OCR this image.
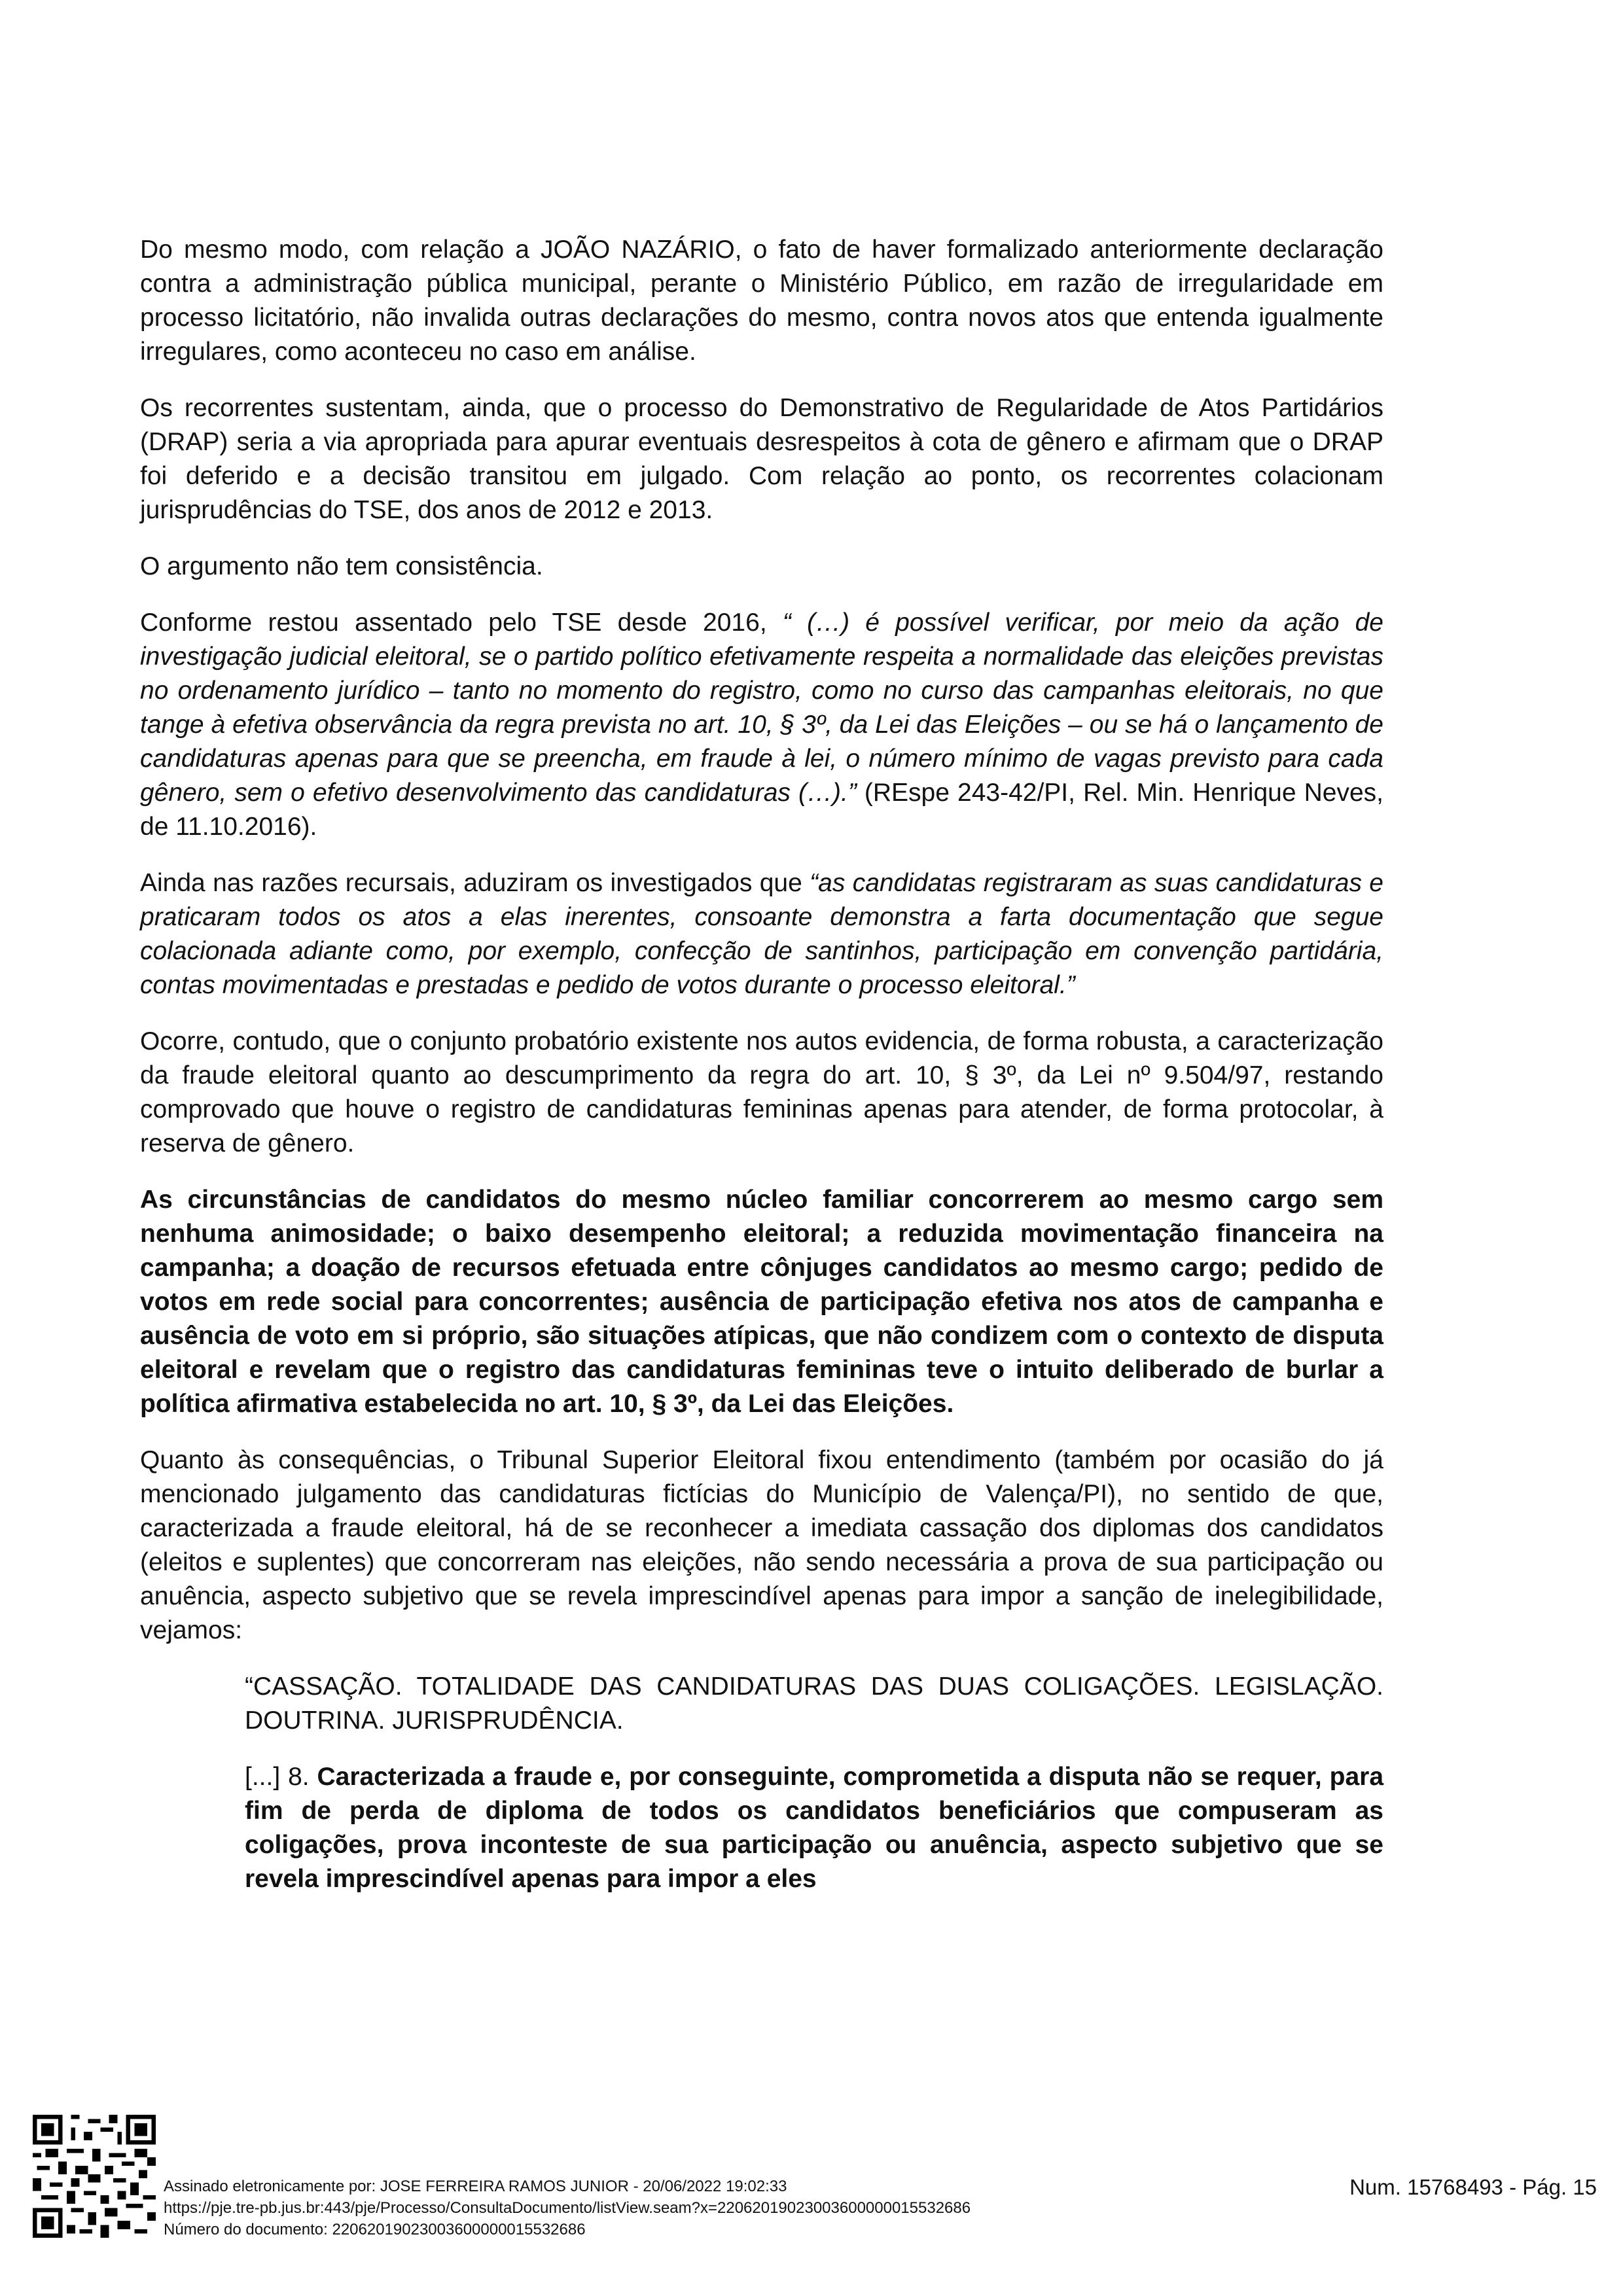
Do mesmo modo, com relação a JOÃO NAZÁRIO, o fato de haver formalizado anteriormente declaração contra a administração pública municipal, perante o Ministério Público, em razão de irregularidade em processo licitatório, não invalida outras declarações do mesmo, contra novos atos que entenda igualmente irregulares, como aconteceu no caso em análise.

Os recorrentes sustentam, ainda, que o processo do Demonstrativo de Regularidade de Atos Partidários (DRAP) seria a via apropriada para apurar eventuais desrespeitos à cota de gênero e afirmam que o DRAP foi deferido e a decisão transitou em julgado. Com relação ao ponto, os recorrentes colacionam jurisprudências do TSE, dos anos de 2012 e 2013.

O argumento não tem consistência.

Conforme restou assentado pelo TSE desde 2016, “ (…) é possível verificar, por meio da ação de investigação judicial eleitoral, se o partido político efetivamente respeita a normalidade das eleições previstas no ordenamento jurídico – tanto no momento do registro, como no curso das campanhas eleitorais, no que tange à efetiva observância da regra prevista no art. 10, § 3º, da Lei das Eleições – ou se há o lançamento de candidaturas apenas para que se preencha, em fraude à lei, o número mínimo de vagas previsto para cada gênero, sem o efetivo desenvolvimento das candidaturas (…).” (REspe 243-42/PI, Rel. Min. Henrique Neves, de 11.10.2016).

Ainda nas razões recursais, aduziram os investigados que “as candidatas registraram as suas candidaturas e praticaram todos os atos a elas inerentes, consoante demonstra a farta documentação que segue colacionada adiante como, por exemplo, confecção de santinhos, participação em convenção partidária, contas movimentadas e prestadas e pedido de votos durante o processo eleitoral.”

Ocorre, contudo, que o conjunto probatório existente nos autos evidencia, de forma robusta, a caracterização da fraude eleitoral quanto ao descumprimento da regra do art. 10, § 3º, da Lei nº 9.504/97, restando comprovado que houve o registro de candidaturas femininas apenas para atender, de forma protocolar, à reserva de gênero.

As circunstâncias de candidatos do mesmo núcleo familiar concorrerem ao mesmo cargo sem nenhuma animosidade; o baixo desempenho eleitoral; a reduzida movimentação financeira na campanha; a doação de recursos efetuada entre cônjuges candidatos ao mesmo cargo; pedido de votos em rede social para concorrentes; ausência de participação efetiva nos atos de campanha e ausência de voto em si próprio, são situações atípicas, que não condizem com o contexto de disputa eleitoral e revelam que o registro das candidaturas femininas teve o intuito deliberado de burlar a política afirmativa estabelecida no art. 10, § 3º, da Lei das Eleições.

Quanto às consequências, o Tribunal Superior Eleitoral fixou entendimento (também por ocasião do já mencionado julgamento das candidaturas fictícias do Município de Valença/PI), no sentido de que, caracterizada a fraude eleitoral, há de se reconhecer a imediata cassação dos diplomas dos candidatos (eleitos e suplentes) que concorreram nas eleições, não sendo necessária a prova de sua participação ou anuência, aspecto subjetivo que se revela imprescindível apenas para impor a sanção de inelegibilidade, vejamos:

“CASSAÇÃO. TOTALIDADE DAS CANDIDATURAS DAS DUAS COLIGAÇÕES. LEGISLAÇÃO. DOUTRINA. JURISPRUDÊNCIA.

[...] 8. Caracterizada a fraude e, por conseguinte, comprometida a disputa não se requer, para fim de perda de diploma de todos os candidatos beneficiários que compuseram as coligações, prova inconteste de sua participação ou anuência, aspecto subjetivo que se revela imprescindível apenas para impor a eles

Assinado eletronicamente por: JOSE FERREIRA RAMOS JUNIOR - 20/06/2022 19:02:33
https://pje.tre-pb.jus.br:443/pje/Processo/ConsultaDocumento/listView.seam?x=22062019023003600000015532686
Número do documento: 22062019023003600000015532686
Num. 15768493 - Pág. 15
